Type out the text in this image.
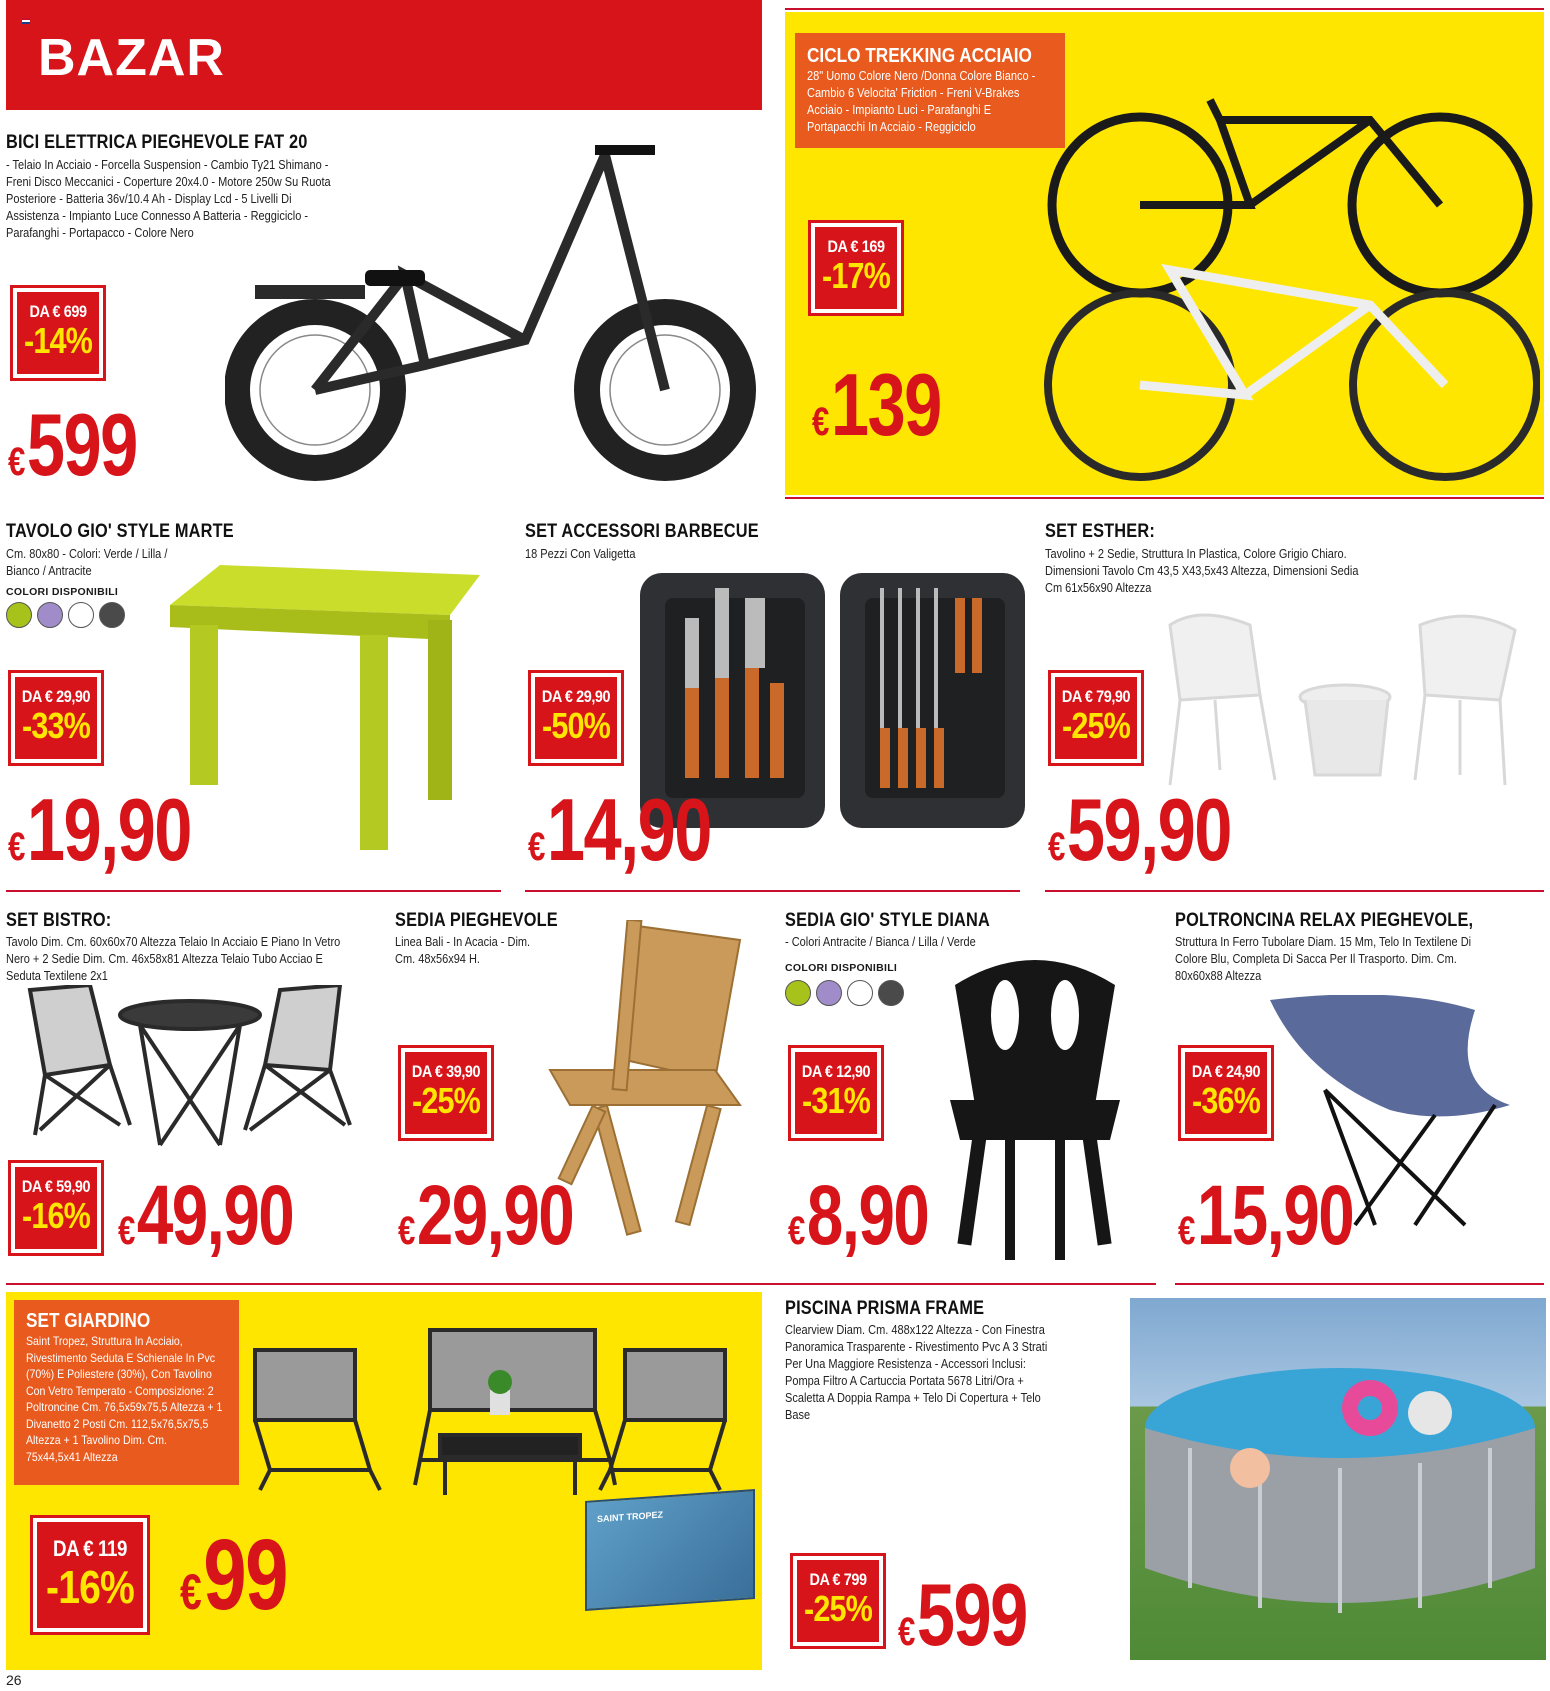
BAZAR
BICI ELETTRICA PIEGHEVOLE FAT 20
- Telaio In Acciaio - Forcella Suspension - Cambio Ty21 Shimano - Freni Disco Meccanici - Coperture 20x4.0 - Motore 250w Su Ruota Posteriore - Batteria 36v/10.4 Ah - Display Lcd - 5 Livelli Di Assistenza - Impianto Luce Connesso A Batteria - Reggiciclo - Parafanghi - Portapacco - Colore Nero
DA € 699
-14%
€599
CICLO TREKKING ACCIAIO
28" Uomo Colore Nero /Donna Colore Bianco - Cambio 6 Velocita' Friction - Freni V-Brakes Acciaio - Impianto Luci - Parafanghi E Portapacchi In Acciaio - Reggiciclo
DA € 169
-17%
€139
TAVOLO GIO' STYLE MARTE
Cm. 80x80 - Colori: Verde / Lilla / Bianco / Antracite
COLORI DISPONIBILI
DA € 29,90
-33%
€19,90
SET ACCESSORI BARBECUE
18 Pezzi Con Valigetta
DA € 29,90
-50%
€14,90
SET ESTHER:
Tavolino + 2 Sedie, Struttura In Plastica, Colore Grigio Chiaro. Dimensioni Tavolo Cm 43,5 X43,5x43 Altezza, Dimensioni Sedia Cm 61x56x90 Altezza
DA € 79,90
-25%
€59,90
SET BISTRO:
Tavolo Dim. Cm. 60x60x70 Altezza Telaio In Acciaio E Piano In Vetro Nero + 2 Sedie Dim. Cm. 46x58x81 Altezza Telaio Tubo Acciao E Seduta Textilene 2x1
DA € 59,90
-16% €49,90
SEDIA PIEGHEVOLE
Linea Bali - In Acacia - Dim. Cm. 48x56x94 H.
DA € 39,90
-25%
€29,90
SEDIA GIO' STYLE DIANA
- Colori Antracite / Bianca / Lilla / Verde
COLORI DISPONIBILI
DA € 12,90
-31%
€8,90
POLTRONCINA RELAX PIEGHEVOLE,
Struttura In Ferro Tubolare Diam. 15 Mm, Telo In Textilene Di Colore Blu, Completa Di Sacca Per Il Trasporto. Dim. Cm. 80x60x88 Altezza
DA € 24,90
-36%
€15,90
SET GIARDINO
Saint Tropez, Struttura In Acciaio, Rivestimento Seduta E Schienale In Pvc (70%) E Poliestere (30%), Con Tavolino Con Vetro Temperato - Composizione: 2 Poltroncine Cm. 76,5x59x75,5 Altezza + 1 Divanetto 2 Posti Cm. 112,5x76,5x75,5 Altezza + 1 Tavolino Dim. Cm. 75x44,5x41 Altezza
SAINT TROPEZ
DA € 119
-16% €99
PISCINA PRISMA FRAME
Clearview Diam. Cm. 488x122 Altezza - Con Finestra Panoramica Trasparente - Rivestimento Pvc A 3 Strati Per Una Maggiore Resistenza - Accessori Inclusi: Pompa Filtro A Cartuccia Portata 5678 Litri/Ora + Scaletta A Doppia Rampa + Telo Di Copertura + Telo Base
DA € 799
-25%
€599
26
